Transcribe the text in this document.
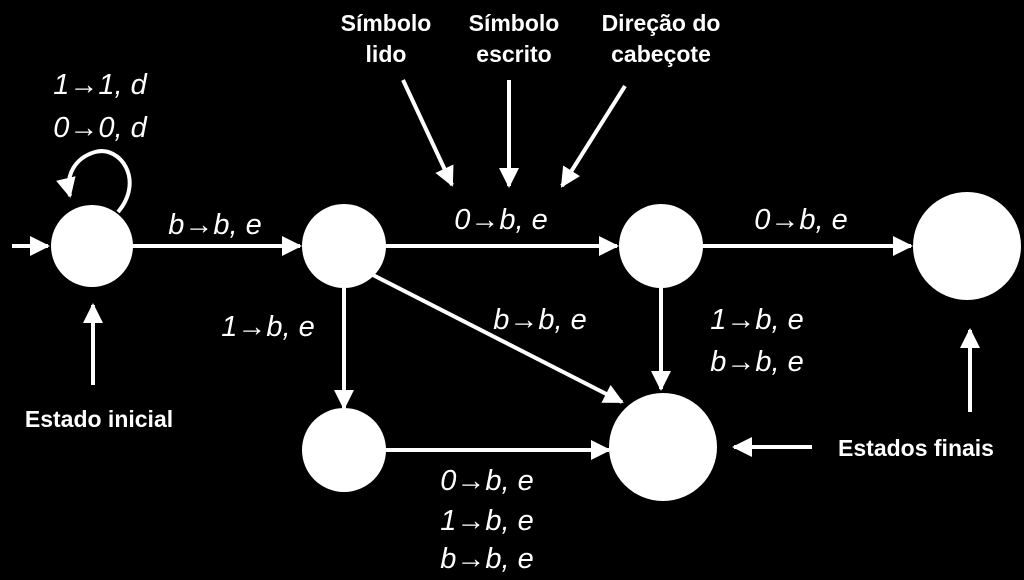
1→1, d
0→0, d
b→b, e	0→b, e	0→b, e
1→b, e	b→b, e	1→b, e
b→b, e
0→b, e
1→b, e
b→b, e
Símbolo
lido
Símbolo
escrito
Direção do
cabeçote
Estado inicial
Estados finais
